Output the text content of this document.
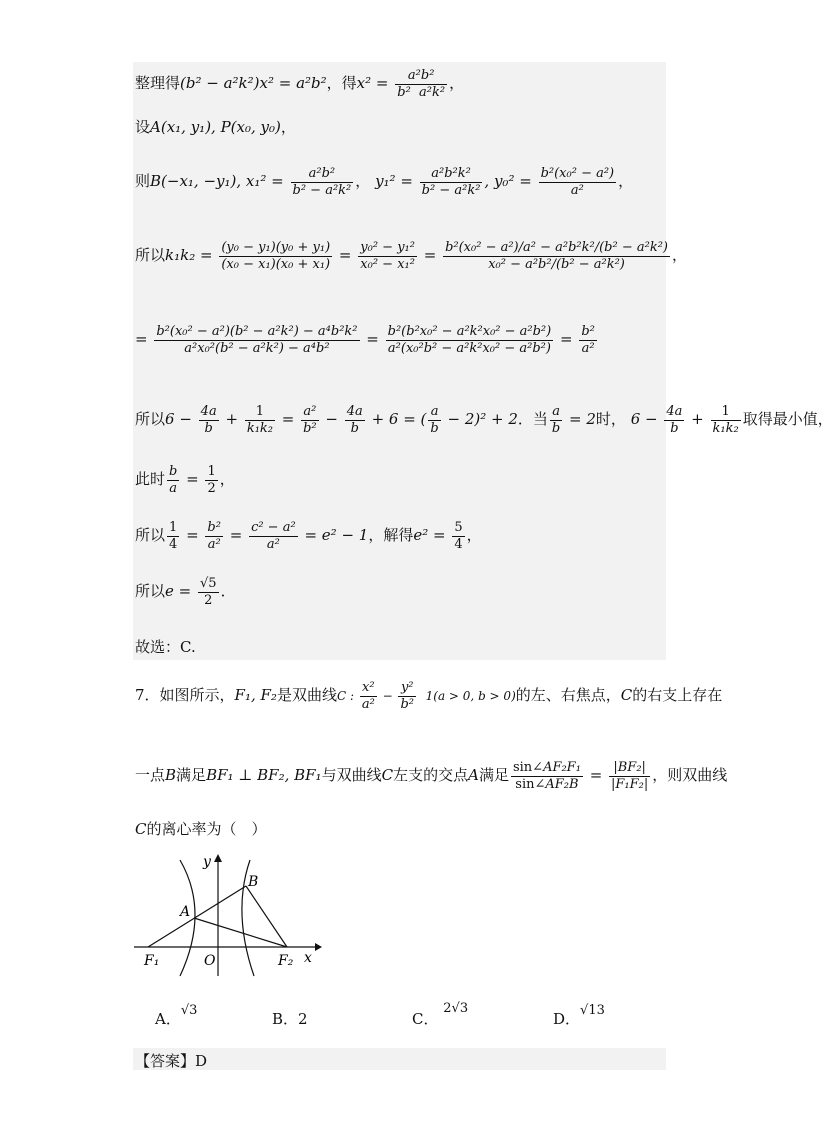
整理得(b² − a²k²)x² = a²b²，得$x^2 = \frac{\text{a²b²}}{\text{b²  a²k²}}$ ，
设A(x₁, y₁), P(x₀, y₀)，
则B(−x₁, −y₁), $x_1^2 = \frac{\text{a²b²}}{\text{b² − a²k²}}$ ， $y_1^2 = \frac{\text{a²b²k²}}{\text{b² − a²k²}}$ , $y_0^2 = \frac{\text{b²(x₀² − a²)}}{\text{a²}}$ ，
所以$k_1k_2 = \frac{\text{(y₀ − y₁)(y₀ + y₁)}}{\text{(x₀ − x₁)(x₀ + x₁)}} = \frac{\text{y₀² − y₁²}}{\text{x₀² − x₁²}} = \frac{\text{b²(x₀² − a²)/a² − a²b²k²/(b² − a²k²)}}{\text{x₀² − a²b²/(b² − a²k²)}}$ ，
= $\frac{\text{b²(x₀² − a²)(b² − a²k²) − a⁴b²k²}}{\text{a²x₀²(b² − a²k²) − a⁴b²}} = \frac{\text{b²(b²x₀² − a²k²x₀² − a²b²)}}{\text{a²(x₀²b² − a²k²x₀² − a²b²)}} = \frac{\text{b²}}{\text{a²}}$
所以$6 - \frac{4a}{b} + \frac{1}{\text{k₁k₂}} = \frac{\text{a²}}{\text{b²}} - \frac{4a}{b} + 6$ = ( $\frac{a}{b} - 2)^2 + 2$．当 $\frac{a}{b} = 2$时， $6 - \frac{4a}{b} + \frac{1}{\text{k₁k₂}}$ 取得最小值，
此时 $\frac{b}{a} = \frac{1}{2}$ ，
所以 $\frac{1}{4} = \frac{\text{b²}}{\text{a²}} = \frac{\text{c² − a²}}{\text{a²}} = e^2 - 1$，解得$e^2 = \frac{5}{4}$ ，
所以$e = \frac{√5}{2}$ ．
故选：C.
7．如图所示，F₁, F₂是双曲线C : $\frac{\text{x²}}{\text{a²}} - \frac{\text{y²}}{\text{b²}} 1(a > 0$, b > 0)的左、右焦点，C的右支上存在
一点B满足BF₁ ⊥ BF₂, BF₁与双曲线C左支的交点A满足 $\frac{\text{sin∠AF₂F₁}}{\text{sin∠AF₂B}} = \frac{\text{|BF₂|}}{\text{|F₁F₂|}}$ ，则双曲线
C的离心率为（　）
y
B
A
F₁	O	F₂ x
A．√3	B．2	C． 2√3
D．√13
【答案】D
